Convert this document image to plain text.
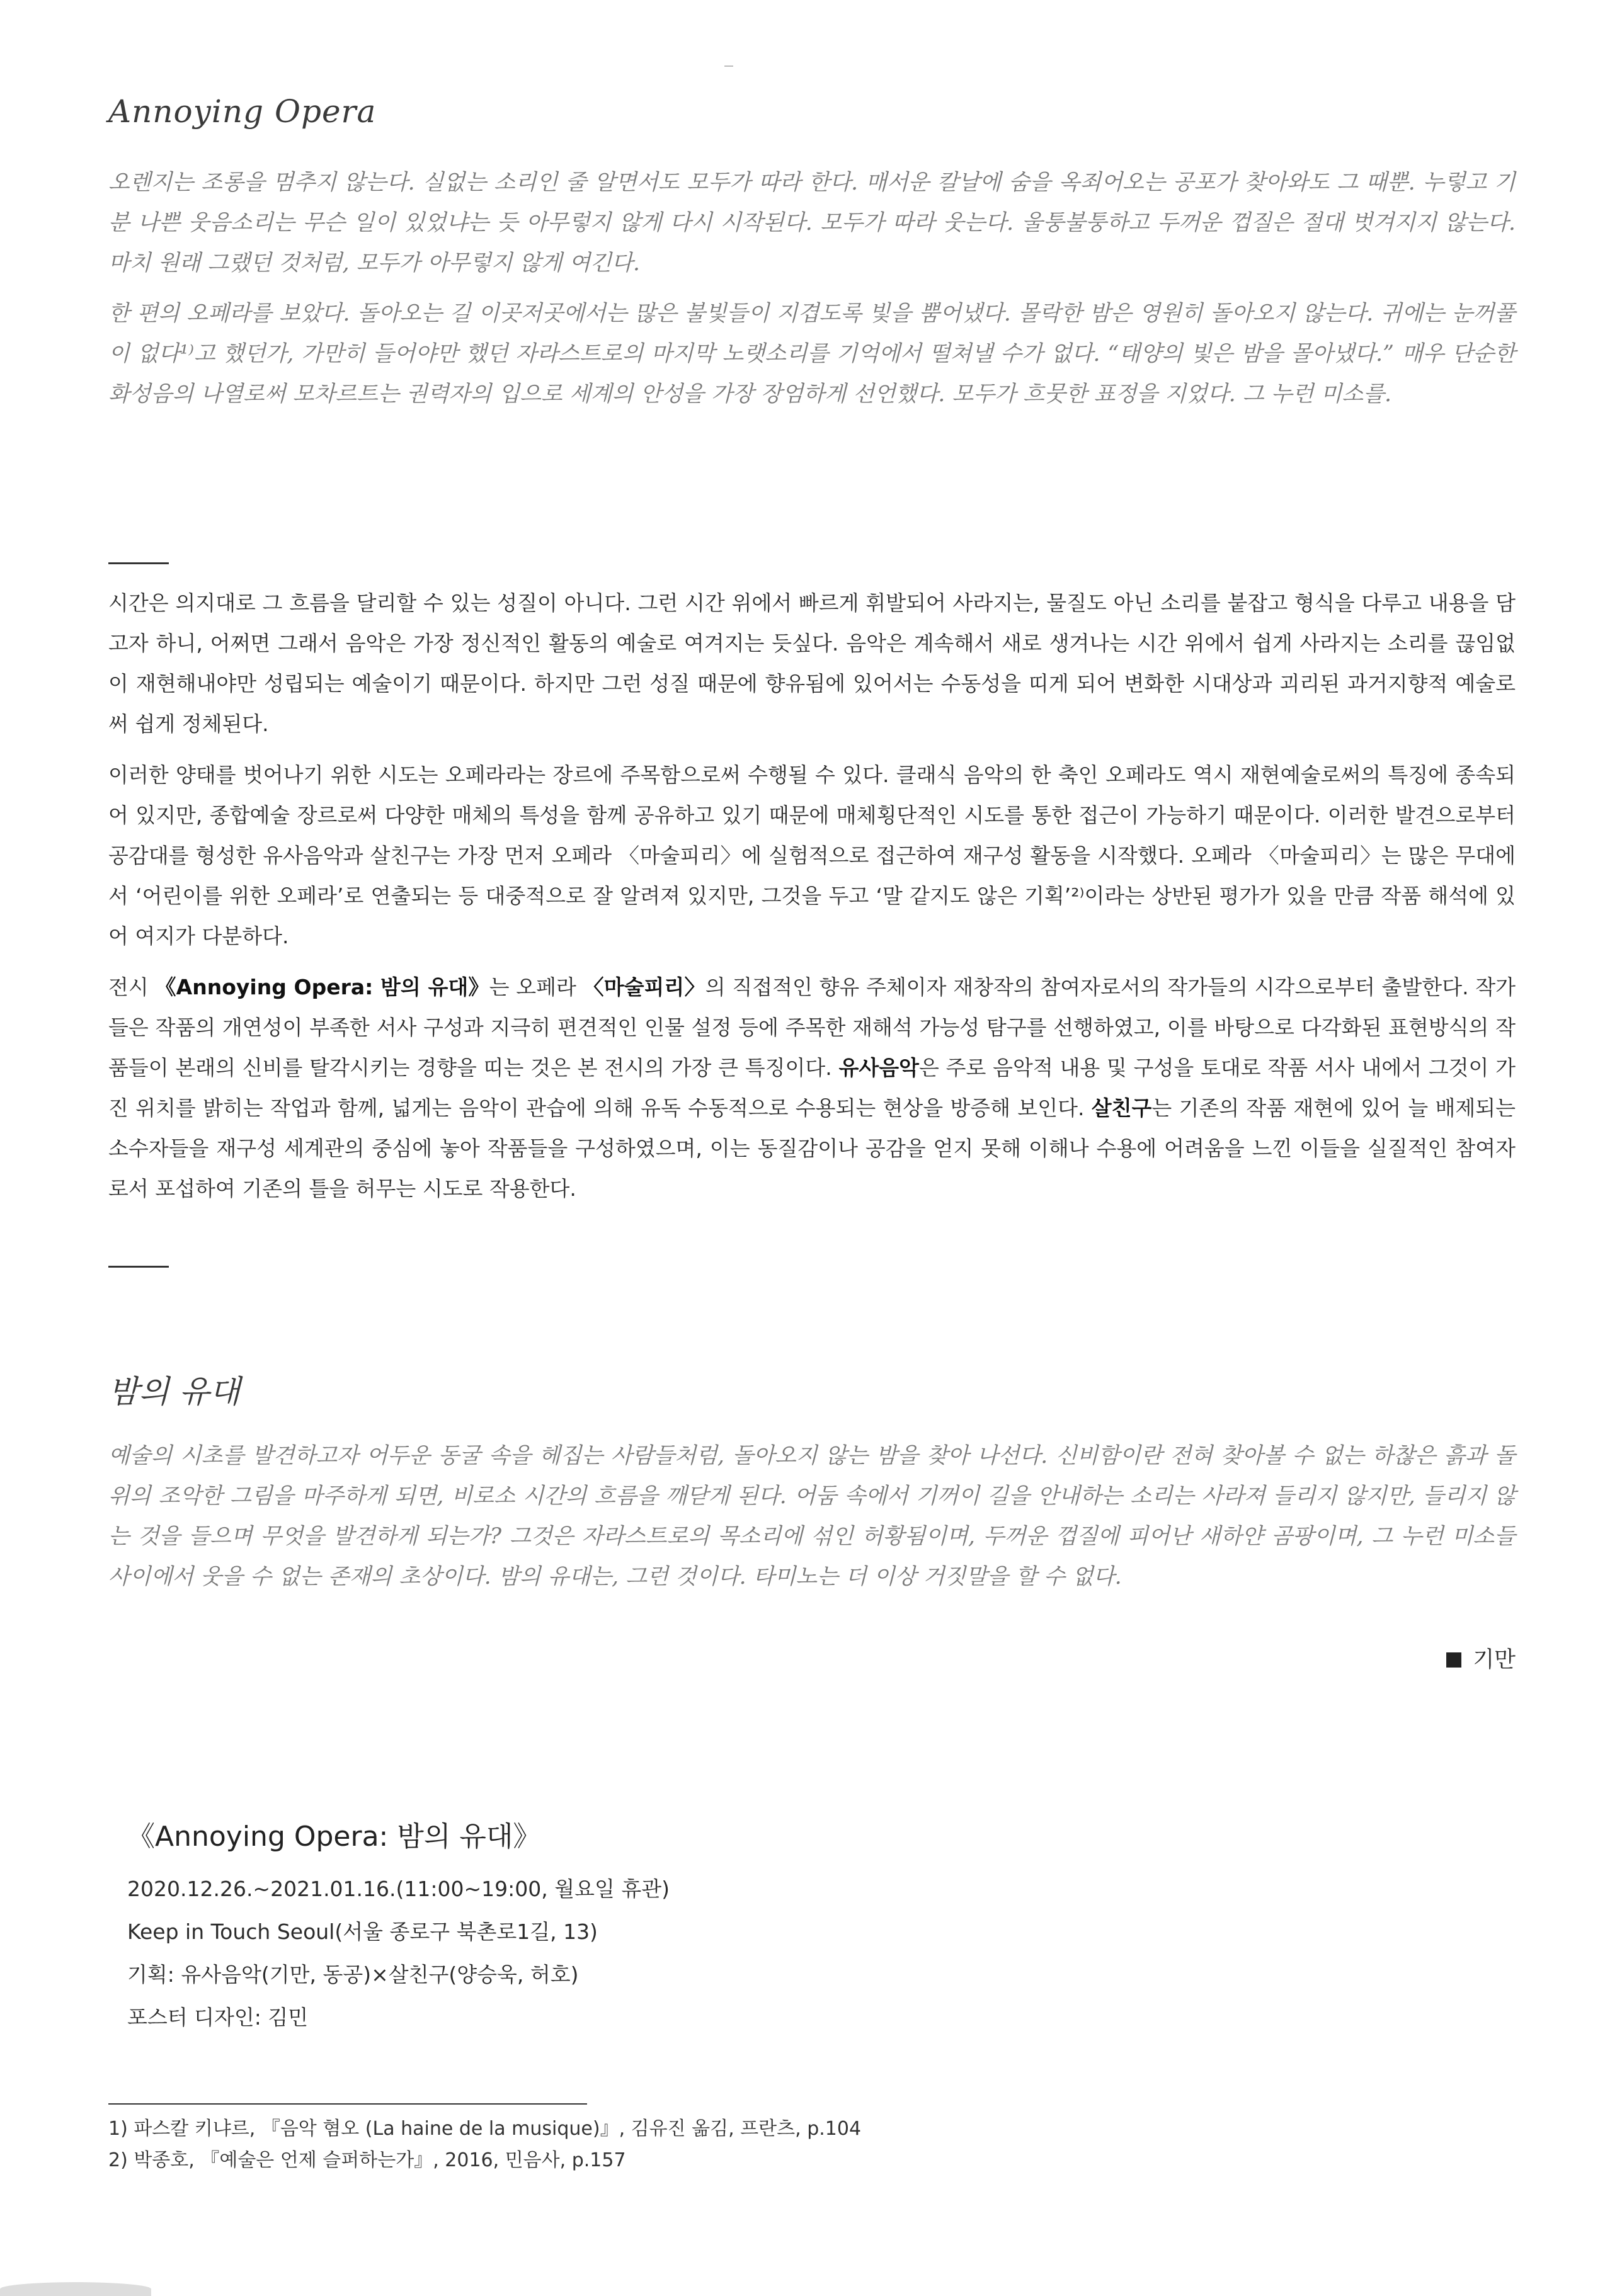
Annoying Opera

오렌지는 조롱을 멈추지 않는다. 실없는 소리인 줄 알면서도 모두가 따라 한다. 매서운 칼날에 숨을 옥죄어오는 공포가 찾아와도 그 때뿐. 누렇고 기분 나쁜 웃음소리는 무슨 일이 있었냐는 듯 아무렇지 않게 다시 시작된다. 모두가 따라 웃는다. 울퉁불퉁하고 두꺼운 껍질은 절대 벗겨지지 않는다. 마치 원래 그랬던 것처럼, 모두가 아무렇지 않게 여긴다.

한 편의 오페라를 보았다. 돌아오는 길 이곳저곳에서는 많은 불빛들이 지겹도록 빛을 뿜어냈다. 몰락한 밤은 영원히 돌아오지 않는다. 귀에는 눈꺼풀이 없다¹⁾고 했던가, 가만히 들어야만 했던 자라스트로의 마지막 노랫소리를 기억에서 떨쳐낼 수가 없다. “태양의 빛은 밤을 몰아냈다.” 매우 단순한 화성음의 나열로써 모차르트는 권력자의 입으로 세계의 안성을 가장 장엄하게 선언했다. 모두가 흐뭇한 표정을 지었다. 그 누런 미소를.

시간은 의지대로 그 흐름을 달리할 수 있는 성질이 아니다. 그런 시간 위에서 빠르게 휘발되어 사라지는, 물질도 아닌 소리를 붙잡고 형식을 다루고 내용을 담고자 하니, 어쩌면 그래서 음악은 가장 정신적인 활동의 예술로 여겨지는 듯싶다. 음악은 계속해서 새로 생겨나는 시간 위에서 쉽게 사라지는 소리를 끊임없이 재현해내야만 성립되는 예술이기 때문이다. 하지만 그런 성질 때문에 향유됨에 있어서는 수동성을 띠게 되어 변화한 시대상과 괴리된 과거지향적 예술로써 쉽게 정체된다.

이러한 양태를 벗어나기 위한 시도는 오페라라는 장르에 주목함으로써 수행될 수 있다. 클래식 음악의 한 축인 오페라도 역시 재현예술로써의 특징에 종속되어 있지만, 종합예술 장르로써 다양한 매체의 특성을 함께 공유하고 있기 때문에 매체횡단적인 시도를 통한 접근이 가능하기 때문이다. 이러한 발견으로부터 공감대를 형성한 유사음악과 살친구는 가장 먼저 오페라 〈마술피리〉에 실험적으로 접근하여 재구성 활동을 시작했다. 오페라 〈마술피리〉는 많은 무대에서 ‘어린이를 위한 오페라’로 연출되는 등 대중적으로 잘 알려져 있지만, 그것을 두고 ‘말 같지도 않은 기획’²⁾이라는 상반된 평가가 있을 만큼 작품 해석에 있어 여지가 다분하다.

전시 《Annoying Opera: 밤의 유대》는 오페라 〈마술피리〉의 직접적인 향유 주체이자 재창작의 참여자로서의 작가들의 시각으로부터 출발한다. 작가들은 작품의 개연성이 부족한 서사 구성과 지극히 편견적인 인물 설정 등에 주목한 재해석 가능성 탐구를 선행하였고, 이를 바탕으로 다각화된 표현방식의 작품들이 본래의 신비를 탈각시키는 경향을 띠는 것은 본 전시의 가장 큰 특징이다. 유사음악은 주로 음악적 내용 및 구성을 토대로 작품 서사 내에서 그것이 가진 위치를 밝히는 작업과 함께, 넓게는 음악이 관습에 의해 유독 수동적으로 수용되는 현상을 방증해 보인다. 살친구는 기존의 작품 재현에 있어 늘 배제되는 소수자들을 재구성 세계관의 중심에 놓아 작품들을 구성하였으며, 이는 동질감이나 공감을 얻지 못해 이해나 수용에 어려움을 느낀 이들을 실질적인 참여자로서 포섭하여 기존의 틀을 허무는 시도로 작용한다.

밤의 유대

예술의 시초를 발견하고자 어두운 동굴 속을 헤집는 사람들처럼, 돌아오지 않는 밤을 찾아 나선다. 신비함이란 전혀 찾아볼 수 없는 하찮은 흙과 돌 위의 조악한 그림을 마주하게 되면, 비로소 시간의 흐름을 깨닫게 된다. 어둠 속에서 기꺼이 길을 안내하는 소리는 사라져 들리지 않지만, 들리지 않는 것을 들으며 무엇을 발견하게 되는가? 그것은 자라스트로의 목소리에 섞인 허황됨이며, 두꺼운 껍질에 피어난 새하얀 곰팡이며, 그 누런 미소들 사이에서 웃을 수 없는 존재의 초상이다. 밤의 유대는, 그런 것이다. 타미노는 더 이상 거짓말을 할 수 없다.

기만
《Annoying Opera: 밤의 유대》
2020.12.26.~2021.01.16.(11:00~19:00, 월요일 휴관)
Keep in Touch Seoul(서울 종로구 북촌로1길, 13)
기획: 유사음악(기만, 동공)×살친구(양승욱, 허호)
포스터 디자인: 김민
1) 파스칼 키냐르, 『음악 혐오 (La haine de la musique)』, 김유진 옮김, 프란츠, p.104
2) 박종호, 『예술은 언제 슬퍼하는가』, 2016, 민음사, p.157
